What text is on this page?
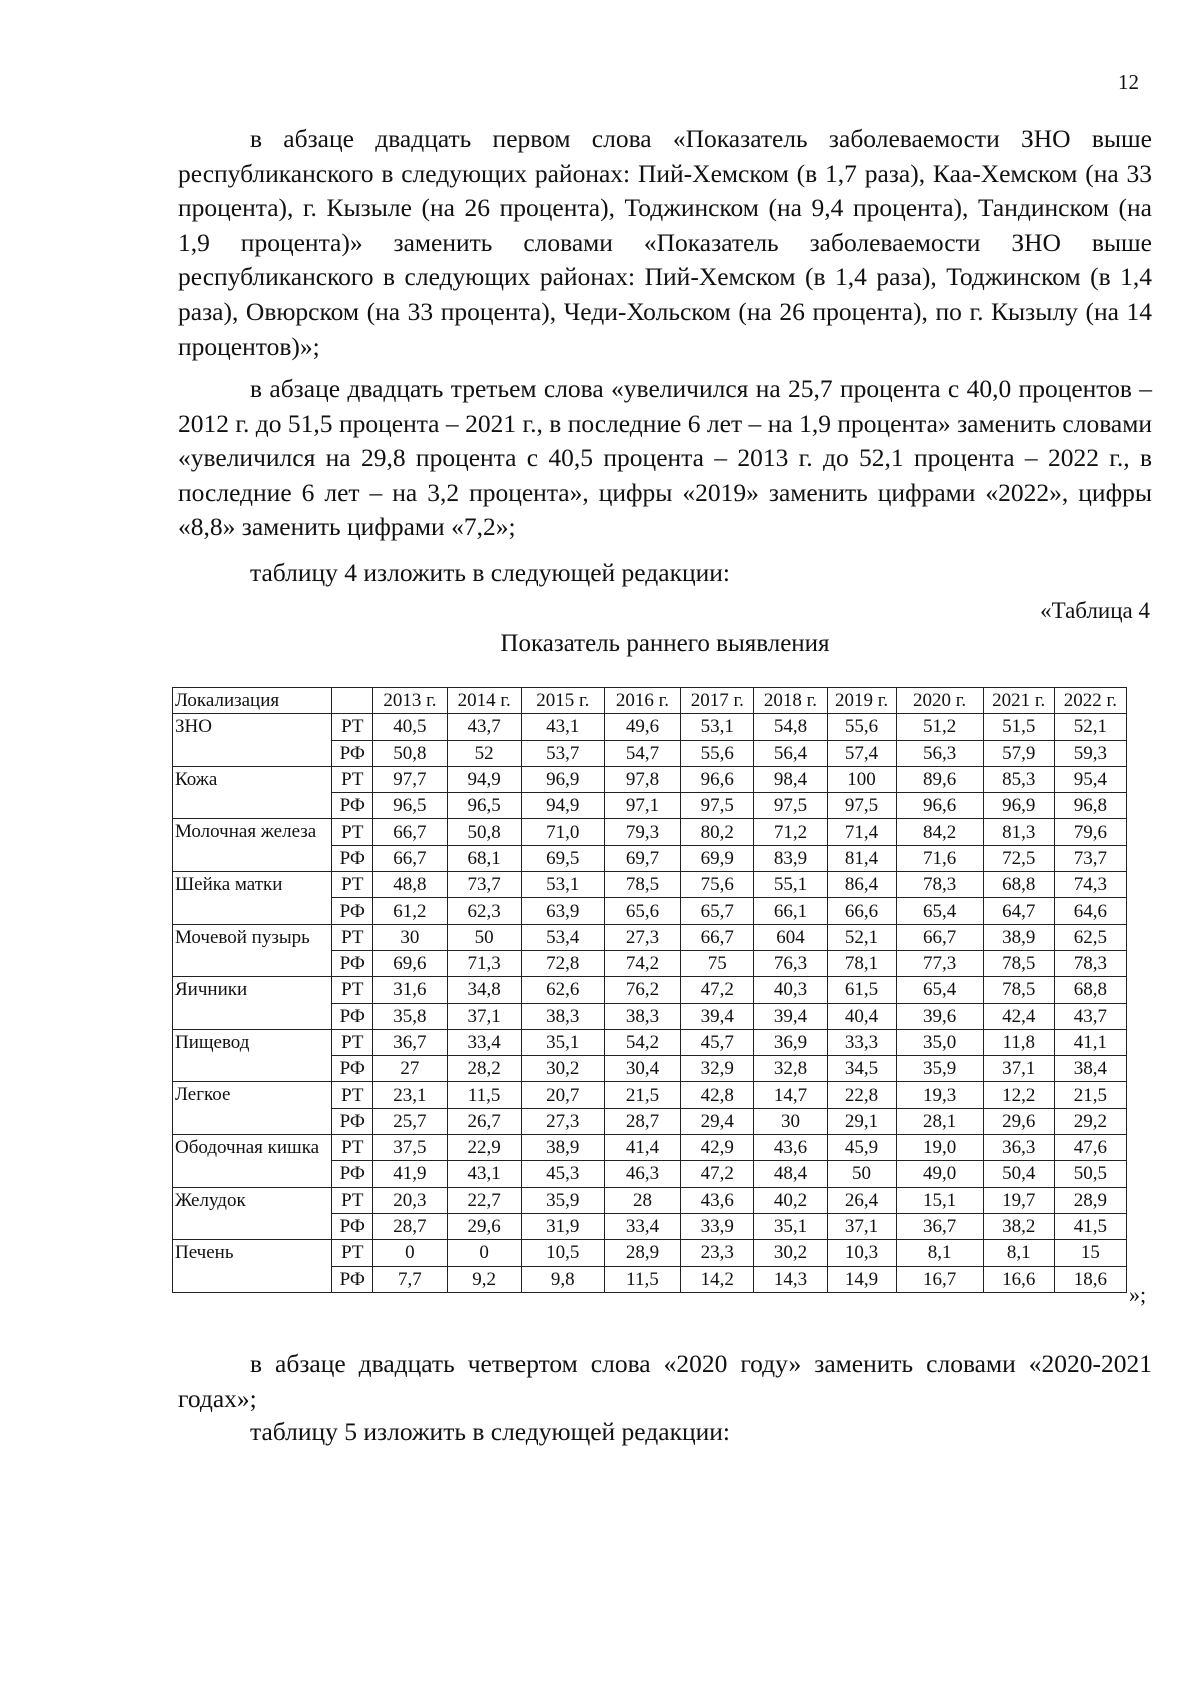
12

в абзаце двадцать первом слова «Показатель заболеваемости ЗНО выше республиканского в следующих районах: Пий-Хемском (в 1,7 раза), Каа-Хемском (на 33 процента), г. Кызыле (на 26 процента), Тоджинском (на 9,4 процента), Тандинском (на 1,9 процента)» заменить словами «Показатель заболеваемости ЗНО выше республиканского в следующих районах: Пий-Хемском (в 1,4 раза), Тоджинском (в 1,4 раза), Овюрском (на 33 процента), Чеди-Хольском (на 26 процента), по г. Кызылу (на 14 процентов)»;

в абзаце двадцать третьем слова «увеличился на 25,7 процента с 40,0 процентов – 2012 г. до 51,5 процента – 2021 г., в последние 6 лет – на 1,9 процента» заменить словами «увеличился на 29,8 процента с 40,5 процента – 2013 г. до 52,1 процента – 2022 г., в последние 6 лет – на 3,2 процента», цифры «2019» заменить цифрами «2022», цифры «8,8» заменить цифрами «7,2»;

таблицу 4 изложить в следующей редакции:

«Таблица 4
Показатель раннего выявления
Локализация		2013 г.	2014 г.	2015 г.	2016 г.	2017 г.	2018 г.	2019 г.	2020 г.	2021 г.	2022 г.
ЗНО	РТ	40,5	43,7	43,1	49,6	53,1	54,8	55,6	51,2	51,5	52,1
	РФ	50,8	52	53,7	54,7	55,6	56,4	57,4	56,3	57,9	59,3
Кожа	РТ	97,7	94,9	96,9	97,8	96,6	98,4	100	89,6	85,3	95,4
	РФ	96,5	96,5	94,9	97,1	97,5	97,5	97,5	96,6	96,9	96,8
Молочная железа	РТ	66,7	50,8	71,0	79,3	80,2	71,2	71,4	84,2	81,3	79,6
	РФ	66,7	68,1	69,5	69,7	69,9	83,9	81,4	71,6	72,5	73,7
Шейка матки	РТ	48,8	73,7	53,1	78,5	75,6	55,1	86,4	78,3	68,8	74,3
	РФ	61,2	62,3	63,9	65,6	65,7	66,1	66,6	65,4	64,7	64,6
Мочевой пузырь	РТ	30	50	53,4	27,3	66,7	604	52,1	66,7	38,9	62,5
	РФ	69,6	71,3	72,8	74,2	75	76,3	78,1	77,3	78,5	78,3
Яичники	РТ	31,6	34,8	62,6	76,2	47,2	40,3	61,5	65,4	78,5	68,8
	РФ	35,8	37,1	38,3	38,3	39,4	39,4	40,4	39,6	42,4	43,7
Пищевод	РТ	36,7	33,4	35,1	54,2	45,7	36,9	33,3	35,0	11,8	41,1
	РФ	27	28,2	30,2	30,4	32,9	32,8	34,5	35,9	37,1	38,4
Легкое	РТ	23,1	11,5	20,7	21,5	42,8	14,7	22,8	19,3	12,2	21,5
	РФ	25,7	26,7	27,3	28,7	29,4	30	29,1	28,1	29,6	29,2
Ободочная кишка	РТ	37,5	22,9	38,9	41,4	42,9	43,6	45,9	19,0	36,3	47,6
	РФ	41,9	43,1	45,3	46,3	47,2	48,4	50	49,0	50,4	50,5
Желудок	РТ	20,3	22,7	35,9	28	43,6	40,2	26,4	15,1	19,7	28,9
	РФ	28,7	29,6	31,9	33,4	33,9	35,1	37,1	36,7	38,2	41,5
Печень	РТ	0	0	10,5	28,9	23,3	30,2	10,3	8,1	8,1	15
	РФ	7,7	9,2	9,8	11,5	14,2	14,3	14,9	16,7	16,6	18,6
»;

в абзаце двадцать четвертом слова «2020 году» заменить словами «2020-2021 годах»;

таблицу 5 изложить в следующей редакции:
